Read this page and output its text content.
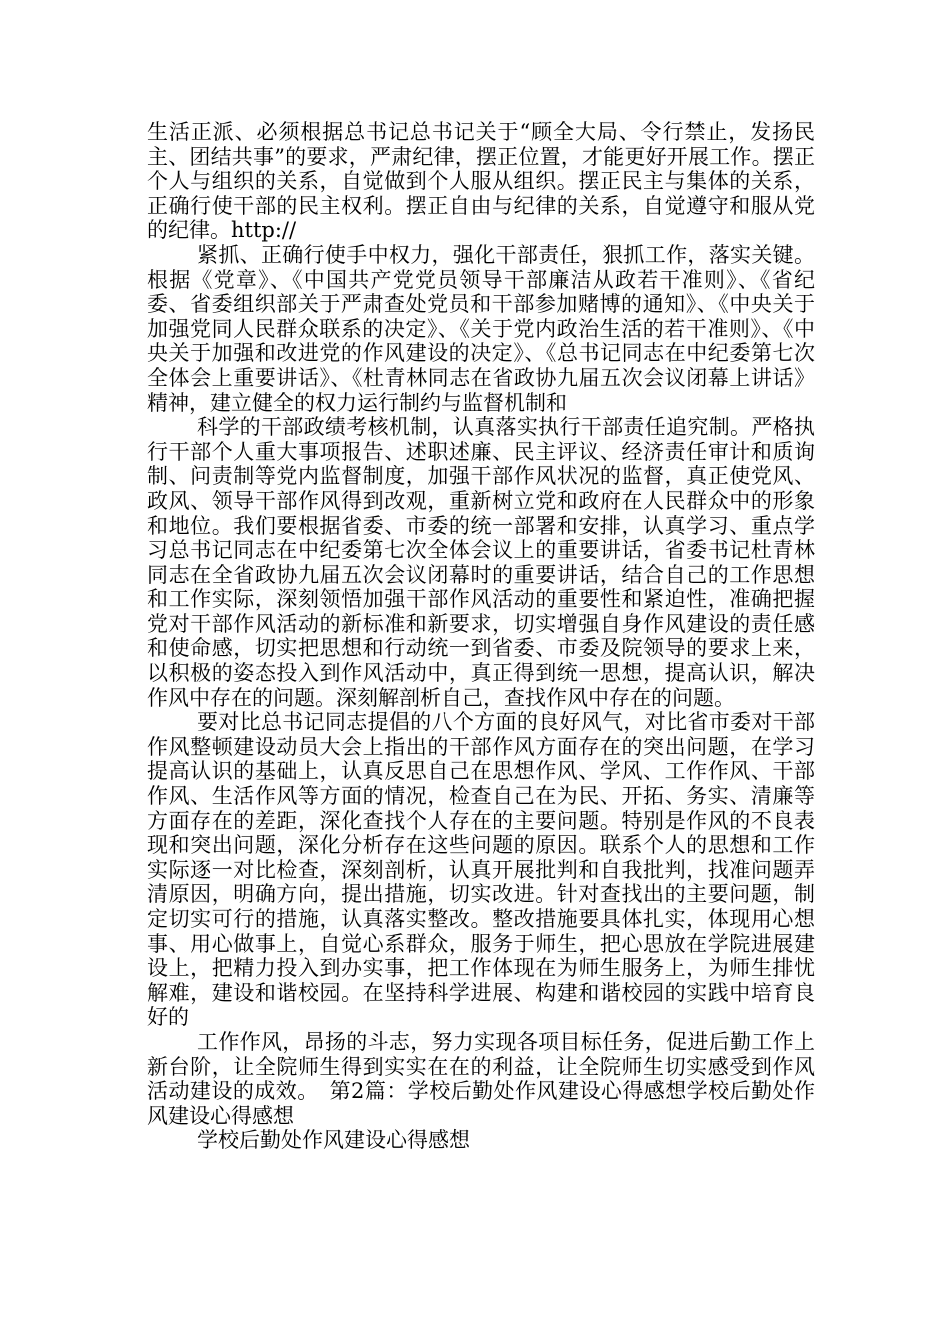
生活正派、必须根据总书记总书记关于“顾全大局、令行禁止，发扬民主、团结共事”的要求，严肃纪律，摆正位置，才能更好开展工作。摆正个人与组织的关系，自觉做到个人服从组织。摆正民主与集体的关系，正确行使干部的民主权利。摆正自由与纪律的关系，自觉遵守和服从党的纪律。http://

紧抓、正确行使手中权力，强化干部责任，狠抓工作，落实关键。根据《党章》、《中国共产党党员领导干部廉洁从政若干准则》、《省纪委、省委组织部关于严肃查处党员和干部参加赌博的通知》、《中央关于加强党同人民群众联系的决定》、《关于党内政治生活的若干准则》、《中央关于加强和改进党的作风建设的决定》、《总书记同志在中纪委第七次全体会上重要讲话》、《杜青林同志在省政协九届五次会议闭幕上讲话》精神，建立健全的权力运行制约与监督机制和

科学的干部政绩考核机制，认真落实执行干部责任追究制。严格执行干部个人重大事项报告、述职述廉、民主评议、经济责任审计和质询制、问责制等党内监督制度，加强干部作风状况的监督，真正使党风、政风、领导干部作风得到改观，重新树立党和政府在人民群众中的形象和地位。我们要根据省委、市委的统一部署和安排，认真学习、重点学习总书记同志在中纪委第七次全体会议上的重要讲话，省委书记杜青林同志在全省政协九届五次会议闭幕时的重要讲话，结合自己的工作思想和工作实际，深刻领悟加强干部作风活动的重要性和紧迫性，准确把握党对干部作风活动的新标准和新要求，切实增强自身作风建设的责任感和使命感，切实把思想和行动统一到省委、市委及院领导的要求上来，以积极的姿态投入到作风活动中，真正得到统一思想，提高认识，解决作风中存在的问题。深刻解剖析自己，查找作风中存在的问题。

要对比总书记同志提倡的八个方面的良好风气，对比省市委对干部作风整顿建设动员大会上指出的干部作风方面存在的突出问题，在学习提高认识的基础上，认真反思自己在思想作风、学风、工作作风、干部作风、生活作风等方面的情况，检查自己在为民、开拓、务实、清廉等方面存在的差距，深化查找个人存在的主要问题。特别是作风的不良表现和突出问题，深化分析存在这些问题的原因。联系个人的思想和工作实际逐一对比检查，深刻剖析，认真开展批判和自我批判，找准问题弄清原因，明确方向，提出措施，切实改进。针对查找出的主要问题，制定切实可行的措施，认真落实整改。整改措施要具体扎实，体现用心想事、用心做事上，自觉心系群众，服务于师生，把心思放在学院进展建设上，把精力投入到办实事，把工作体现在为师生服务上，为师生排忧解难，建设和谐校园。在坚持科学进展、构建和谐校园的实践中培育良好的

工作作风，昂扬的斗志，努力实现各项目标任务，促进后勤工作上新台阶，让全院师生得到实实在在的利益，让全院师生切实感受到作风活动建设的成效。　第2篇：学校后勤处作风建设心得感想学校后勤处作风建设心得感想

学校后勤处作风建设心得感想
